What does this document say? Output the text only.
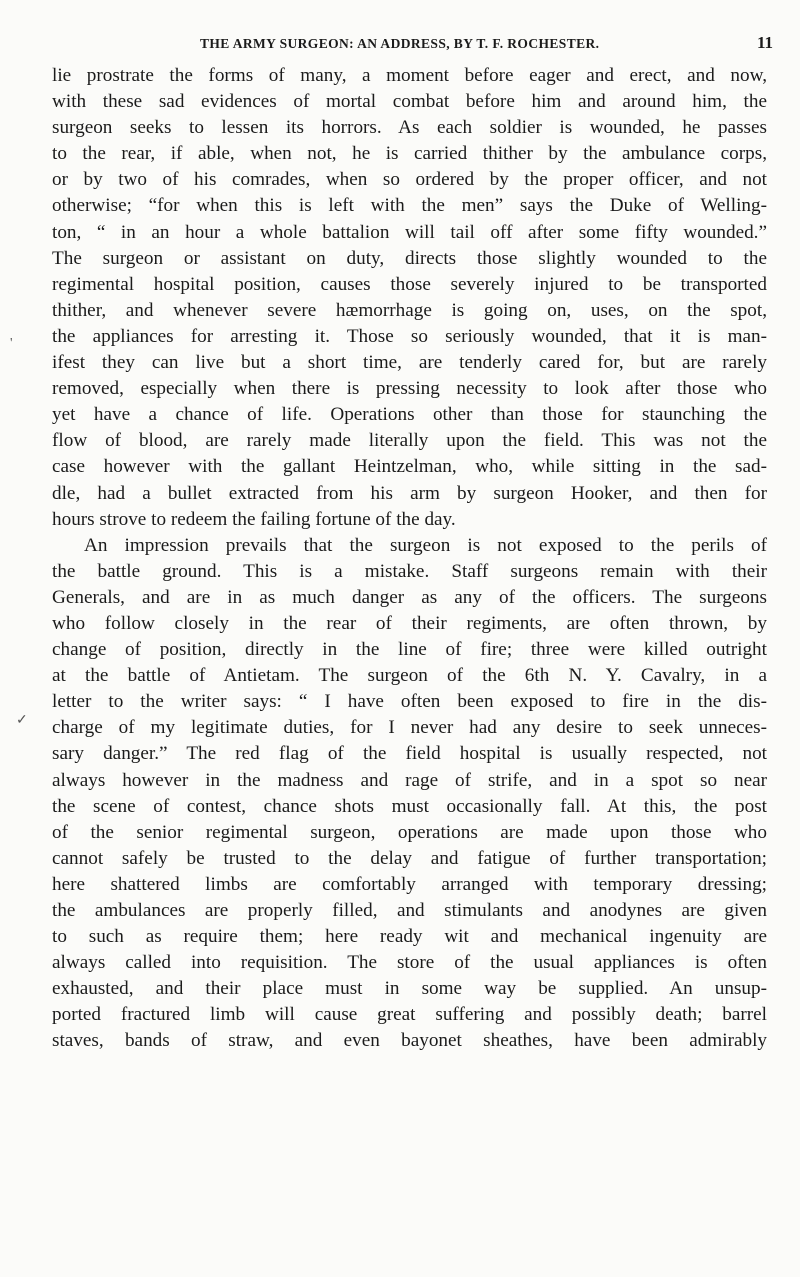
THE ARMY SURGEON: AN ADDRESS, BY T. F. ROCHESTER.	11
lie prostrate the forms of many, a moment before eager and erect, and now,
with these sad evidences of mortal combat before him and around him, the
surgeon seeks to lessen its horrors. As each soldier is wounded, he passes
to the rear, if able, when not, he is carried thither by the ambulance corps,
or by two of his comrades, when so ordered by the proper officer, and not
otherwise; “for when this is left with the men” says the Duke of Welling-
ton, “ in an hour a whole battalion will tail off after some fifty wounded.”
The surgeon or assistant on duty, directs those slightly wounded to the
regimental hospital position, causes those severely injured to be transported
thither, and whenever severe hæmorrhage is going on, uses, on the spot,
the appliances for arresting it. Those so seriously wounded, that it is man-
ifest they can live but a short time, are tenderly cared for, but are rarely
removed, especially when there is pressing necessity to look after those who
yet have a chance of life. Operations other than those for staunching the
flow of blood, are rarely made literally upon the field. This was not the
case however with the gallant Heintzelman, who, while sitting in the sad-
dle, had a bullet extracted from his arm by surgeon Hooker, and then for
hours strove to redeem the failing fortune of the day.
An impression prevails that the surgeon is not exposed to the perils of
the battle ground. This is a mistake. Staff surgeons remain with their
Generals, and are in as much danger as any of the officers. The surgeons
who follow closely in the rear of their regiments, are often thrown, by
change of position, directly in the line of fire; three were killed outright
at the battle of Antietam. The surgeon of the 6th N. Y. Cavalry, in a
letter to the writer says: “ I have often been exposed to fire in the dis-
charge of my legitimate duties, for I never had any desire to seek unneces-
sary danger.” The red flag of the field hospital is usually respected, not
always however in the madness and rage of strife, and in a spot so near
the scene of contest, chance shots must occasionally fall. At this, the post
of the senior regimental surgeon, operations are made upon those who
cannot safely be trusted to the delay and fatigue of further transportation;
here shattered limbs are comfortably arranged with temporary dressing;
the ambulances are properly filled, and stimulants and anodynes are given
to such as require them; here ready wit and mechanical ingenuity are
always called into requisition. The store of the usual appliances is often
exhausted, and their place must in some way be supplied. An unsup-
ported fractured limb will cause great suffering and possibly death; barrel
staves, bands of straw, and even bayonet sheathes, have been admirably
'
✓
